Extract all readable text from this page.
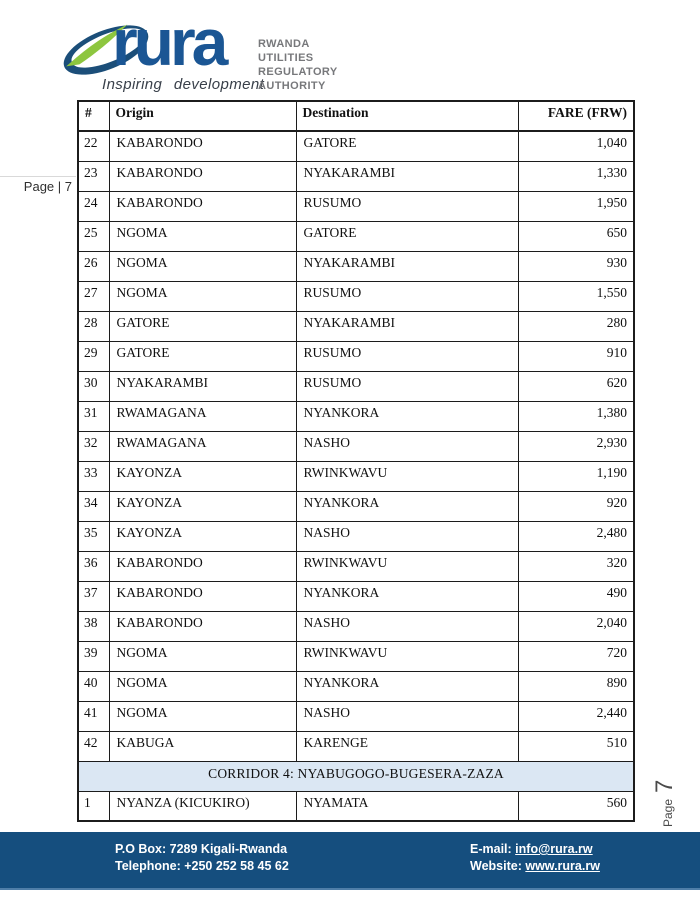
rura
Inspiring development
RWANDA
UTILITIES
REGULATORY
AUTHORITY
Page | 7
#	Origin	Destination	FARE (FRW)
22	KABARONDO	GATORE	1,040
23	KABARONDO	NYAKARAMBI	1,330
24	KABARONDO	RUSUMO	1,950
25	NGOMA	GATORE	650
26	NGOMA	NYAKARAMBI	930
27	NGOMA	RUSUMO	1,550
28	GATORE	NYAKARAMBI	280
29	GATORE	RUSUMO	910
30	NYAKARAMBI	RUSUMO	620
31	RWAMAGANA	NYANKORA	1,380
32	RWAMAGANA	NASHO	2,930
33	KAYONZA	RWINKWAVU	1,190
34	KAYONZA	NYANKORA	920
35	KAYONZA	NASHO	2,480
36	KABARONDO	RWINKWAVU	320
37	KABARONDO	NYANKORA	490
38	KABARONDO	NASHO	2,040
39	NGOMA	RWINKWAVU	720
40	NGOMA	NYANKORA	890
41	NGOMA	NASHO	2,440
42	KABUGA	KARENGE	510
CORRIDOR 4: NYABUGOGO-BUGESERA-ZAZA			
1	NYANZA (KICUKIRO)	NYAMATA	560	Page
7
P.O Box: 7289 Kigali-Rwanda
Telephone: +250 252 58 45 62
E-mail: info@rura.rw
Website: www.rura.rw
